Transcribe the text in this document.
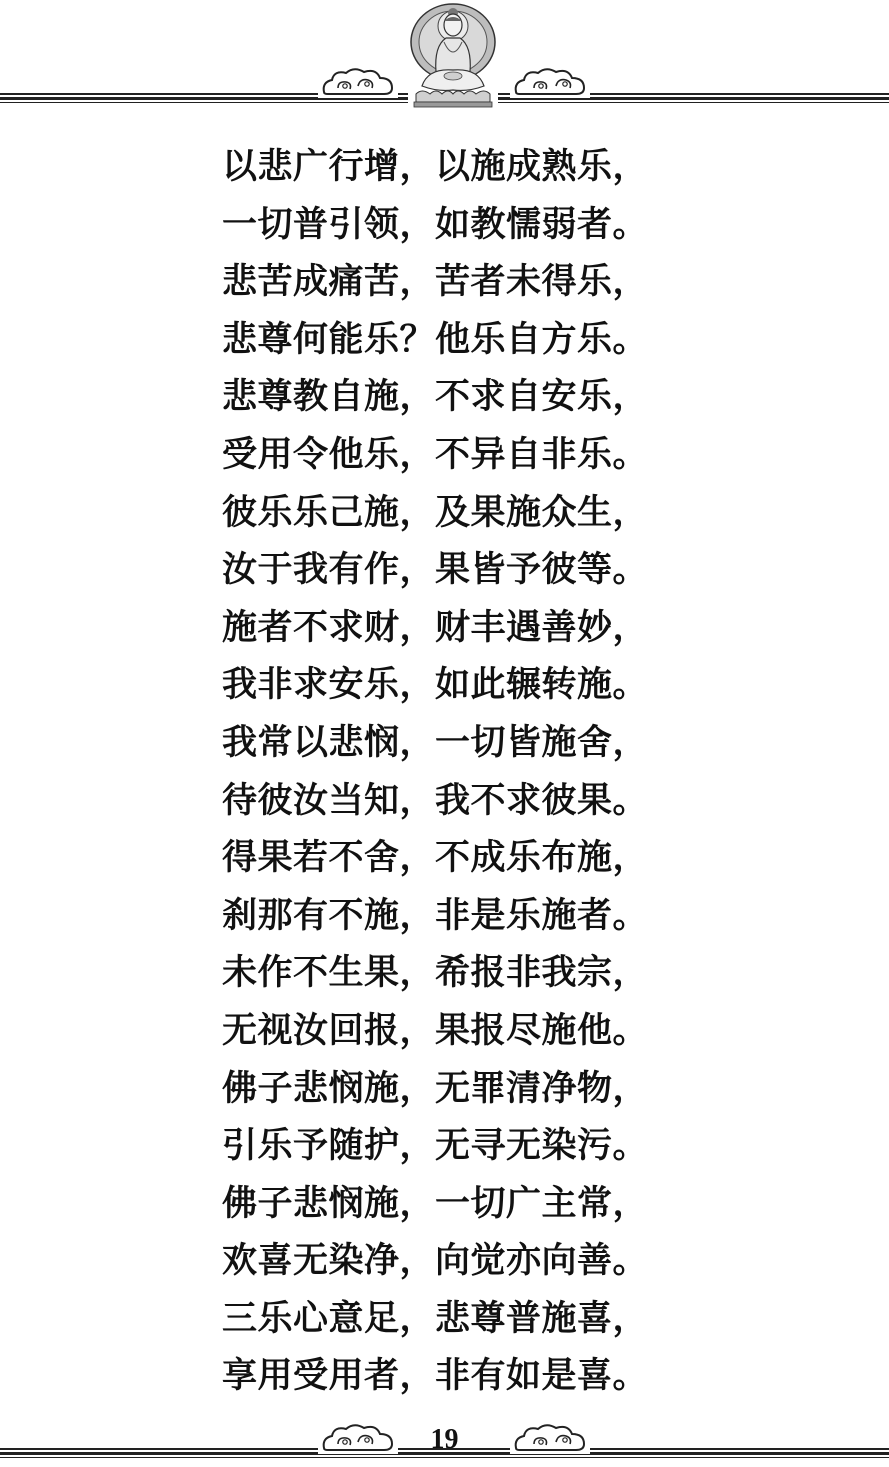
以悲广行增，以施成熟乐，
一切普引领，如教懦弱者。
悲苦成痛苦，苦者未得乐，
悲尊何能乐？他乐自方乐。
悲尊教自施，不求自安乐，
受用令他乐，不异自非乐。
彼乐乐己施，及果施众生，
汝于我有作，果皆予彼等。
施者不求财，财丰遇善妙，
我非求安乐，如此辗转施。
我常以悲悯，一切皆施舍，
待彼汝当知，我不求彼果。
得果若不舍，不成乐布施，
刹那有不施，非是乐施者。
未作不生果，希报非我宗，
无视汝回报，果报尽施他。
佛子悲悯施，无罪清净物，
引乐予随护，无寻无染污。
佛子悲悯施，一切广主常，
欢喜无染净，向觉亦向善。
三乐心意足，悲尊普施喜，
享用受用者，非有如是喜。
19
